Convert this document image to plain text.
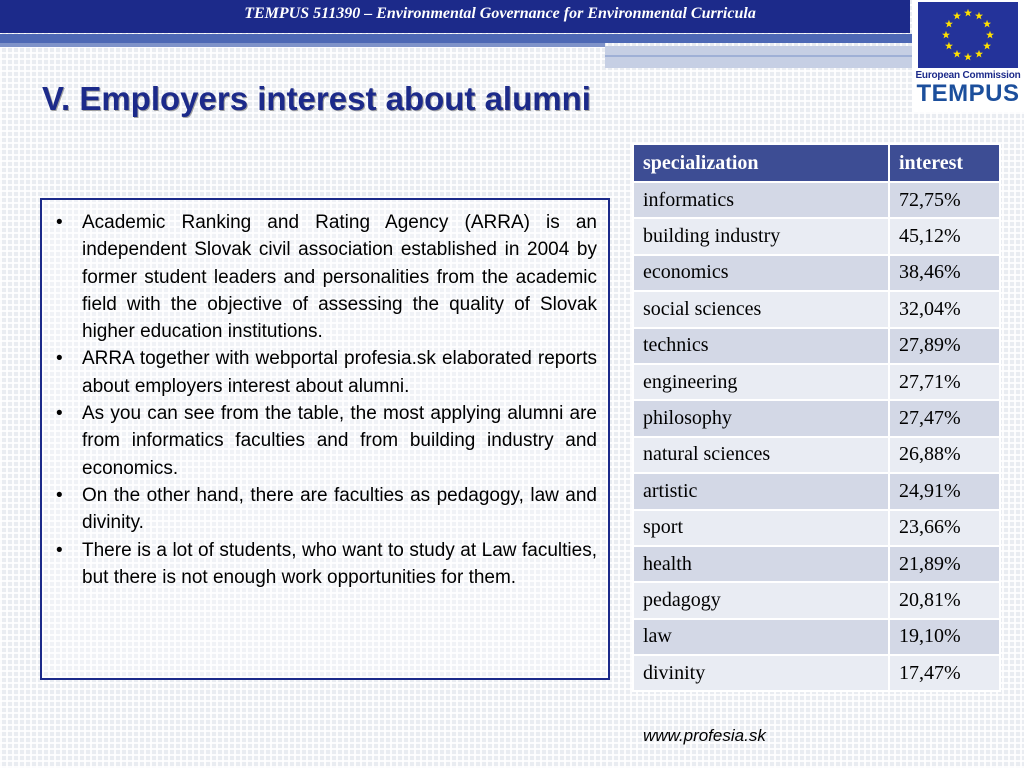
TEMPUS 511390 – Environmental Governance for Environmental Curricula
European Commission
TEMPUS
V. Employers interest about alumni
• Academic Ranking and Rating Agency (ARRA) is an independent Slovak civil association established in 2004 by former student leaders and personalities from the academic field with the objective of assessing the quality of Slovak higher education institutions.
• ARRA together with webportal profesia.sk elaborated reports about employers interest about alumni.
• As you can see from the table, the most applying alumni are from informatics faculties and from building industry and economics.
• On the other hand, there are faculties as pedagogy, law and divinity.
• There is a lot of students, who want to study at Law faculties, but there is not enough work opportunities for them.
specialization	interest
informatics	72,75%
building industry	45,12%
economics	38,46%
social sciences	32,04%
technics	27,89%
engineering	27,71%
philosophy	27,47%
natural sciences	26,88%
artistic	24,91%
sport	23,66%
health	21,89%
pedagogy	20,81%
law	19,10%
divinity	17,47%
www.profesia.sk
